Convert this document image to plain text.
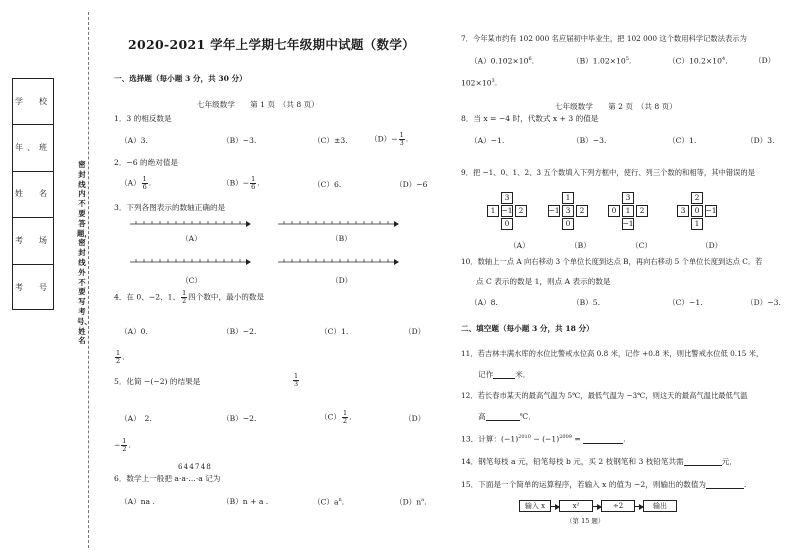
学　校
年、班
姓　名
考　场
考　号
密封线内不要答题，密封线外不要写考号、姓名
2020-2021 学年上学期七年级期中试题（数学）
一、选择题（每小题 3 分，共 30 分）
七年级数学　　第 1 页　（共 8 页）
1．3 的相反数是
（A）3.	（B）−3.	（C）±3.	$(D)- \frac{1}{3}$ .
2．−6 的绝对值是
$(A) \frac{1}{6}$ .	$(B)- \frac{1}{6}$ .	（C）6.	（D）−6
3．下列各图表示的数轴正确的是
（A）	（B）
（C）	（D）
4．在 0、−2、1、 $\frac{1}{2}$ 四个数中，最小的数是
（A）0.	（B）−2.	（C）1.	（D）
$\frac{1}{2}$ .
5．化简 −(−2) 的结果是	$\frac{1}{3}$
（A）　2.	（B）−2.	$(C) \frac{1}{2}$ .	（D）
− $\frac{1}{2}$ .
6 4 4 7 4 8
6．数学上一般把 a·a·…·a 记为
（A）na .	（B）n + a .	$(C)a^n$.	$(D)n^a$.
7．今年某市约有 102 000 名应届初中毕业生，把 102 000 这个数用科学记数法表示为
$(A)0.102\times 10^6$.	$(B)1.02\times 10^5$.	$(C)10.2\times 10^4$.	（D）
$102\times 10^3$.
七年级数学　　第 2 页　（共 8 页）
8．当 x = −4 时，代数式 x + 3 的值是
（A）−1.	（B）−3.	（C）1.	（D）3.
9．把 −1、0、1、2、3 五个数填入下列方框中，使行、列三个数的和相等，其中错误的是
3
1 −1 2
0
1
−1 3	2
0
3
0	1	2
−1
2
3	0 −1
1
（A）	（B）	（C）	（D）
10．数轴上一点 A 向右移动 3 个单位长度到达点 B，再向右移动 5 个单位长度到达点 C．若
点 C 表示的数是 1，则点 A 表示的数是
（A）8.	（B）5.	（C）−1.	（D）−3.
二、填空题（每小题 3 分，共 18 分）
11．若吉林丰满水库的水位比警戒水位高 0.8 米，记作 +0.8 米，则比警戒水位低 0.15 米，
记作	米．
12．若长春市某天的最高气温为 5℃，最低气温为 −3℃，则这天的最高气温比最低气温
高	℃．
13．计算：$(-1)^{2010} - (-1)^{2009}$ =	.
14．钢笔每枝 a 元，铅笔每枝 b 元，买 2 枝钢笔和 3 枝铅笔共需	元．
15．下面是一个简单的运算程序，若输入 x 的值为 −2，则输出的数值为	.
输入 x	x²	÷2	输出
（第 15 题）
